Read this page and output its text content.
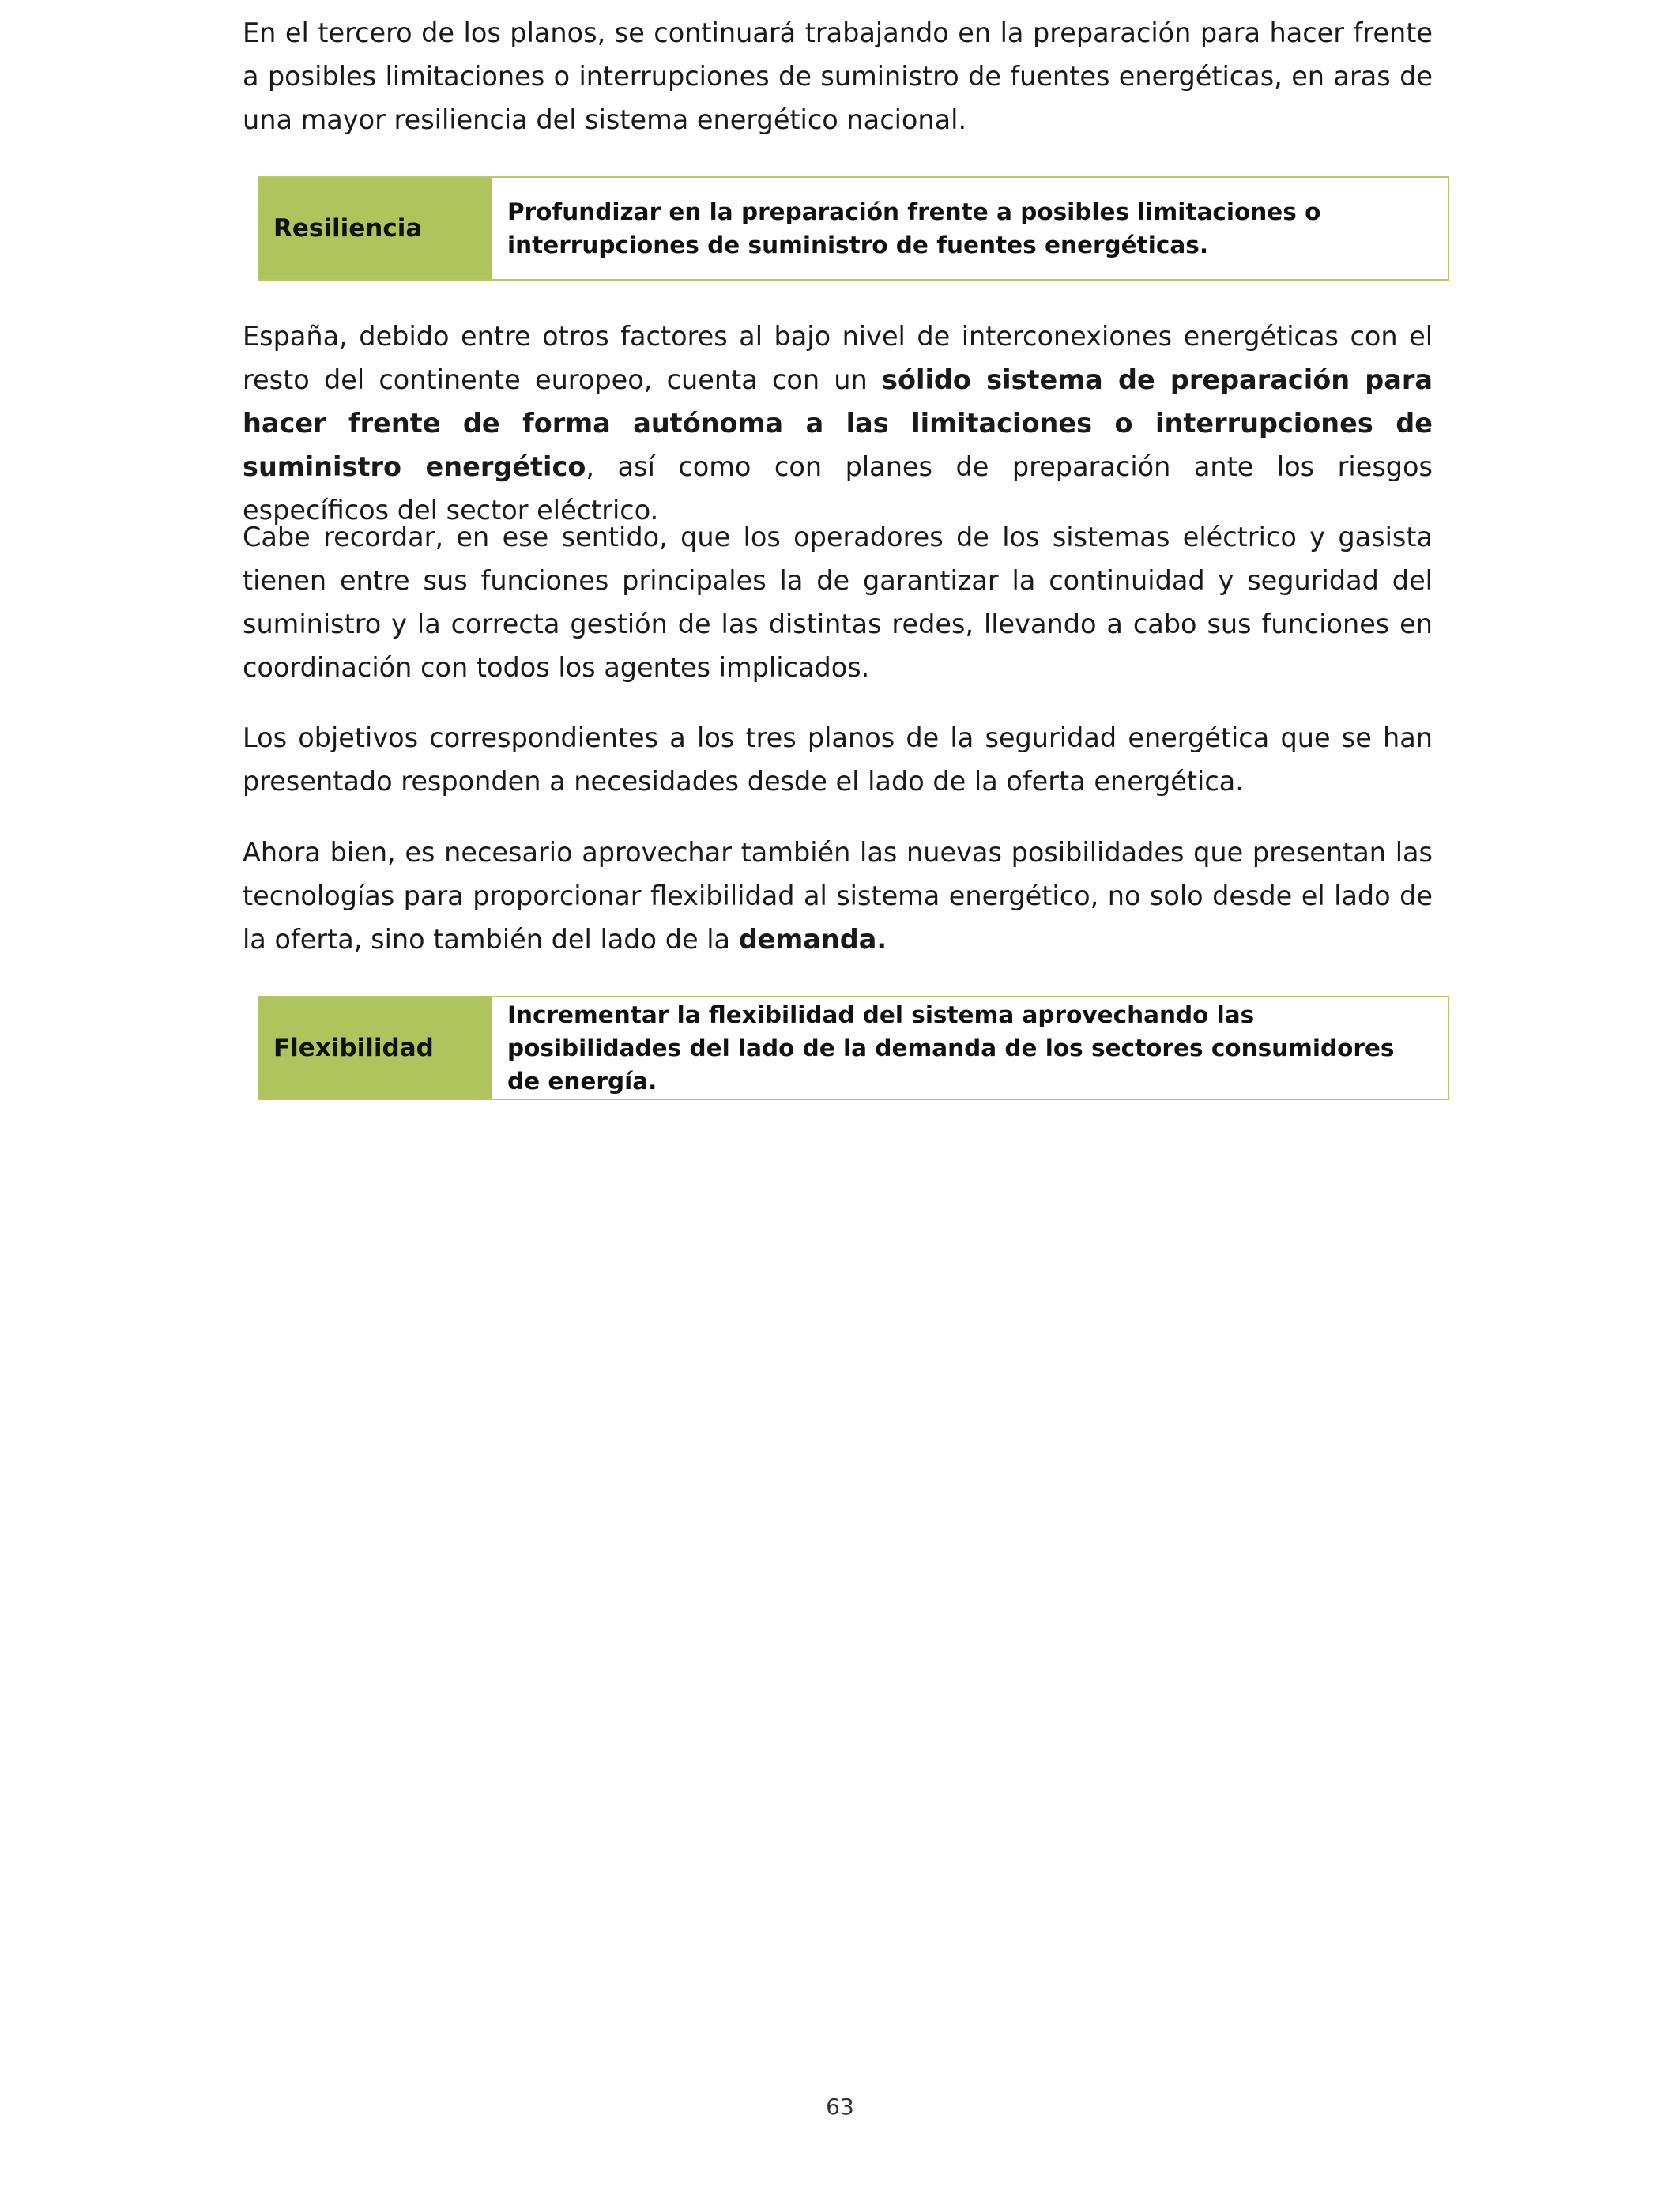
En el tercero de los planos, se continuará trabajando en la preparación para hacer frente a posibles limitaciones o interrupciones de suministro de fuentes energéticas, en aras de una mayor resiliencia del sistema energético nacional.

España, debido entre otros factores al bajo nivel de interconexiones energéticas con el resto del continente europeo, cuenta con un sólido sistema de preparación para hacer frente de forma autónoma a las limitaciones o interrupciones de suministro energético, así como con planes de preparación ante los riesgos específicos del sector eléctrico.

Cabe recordar, en ese sentido, que los operadores de los sistemas eléctrico y gasista tienen entre sus funciones principales la de garantizar la continuidad y seguridad del suministro y la correcta gestión de las distintas redes, llevando a cabo sus funciones en coordinación con todos los agentes implicados.

Los objetivos correspondientes a los tres planos de la seguridad energética que se han presentado responden a necesidades desde el lado de la oferta energética.

Ahora bien, es necesario aprovechar también las nuevas posibilidades que presentan las tecnologías para proporcionar flexibilidad al sistema energético, no solo desde el lado de la oferta, sino también del lado de la demanda.

Resiliencia
Profundizar en la preparación frente a posibles limitaciones o interrupciones de suministro de fuentes energéticas.
Flexibilidad
Incrementar la flexibilidad del sistema aprovechando las posibilidades del lado de la demanda de los sectores consumidores de energía.
63
